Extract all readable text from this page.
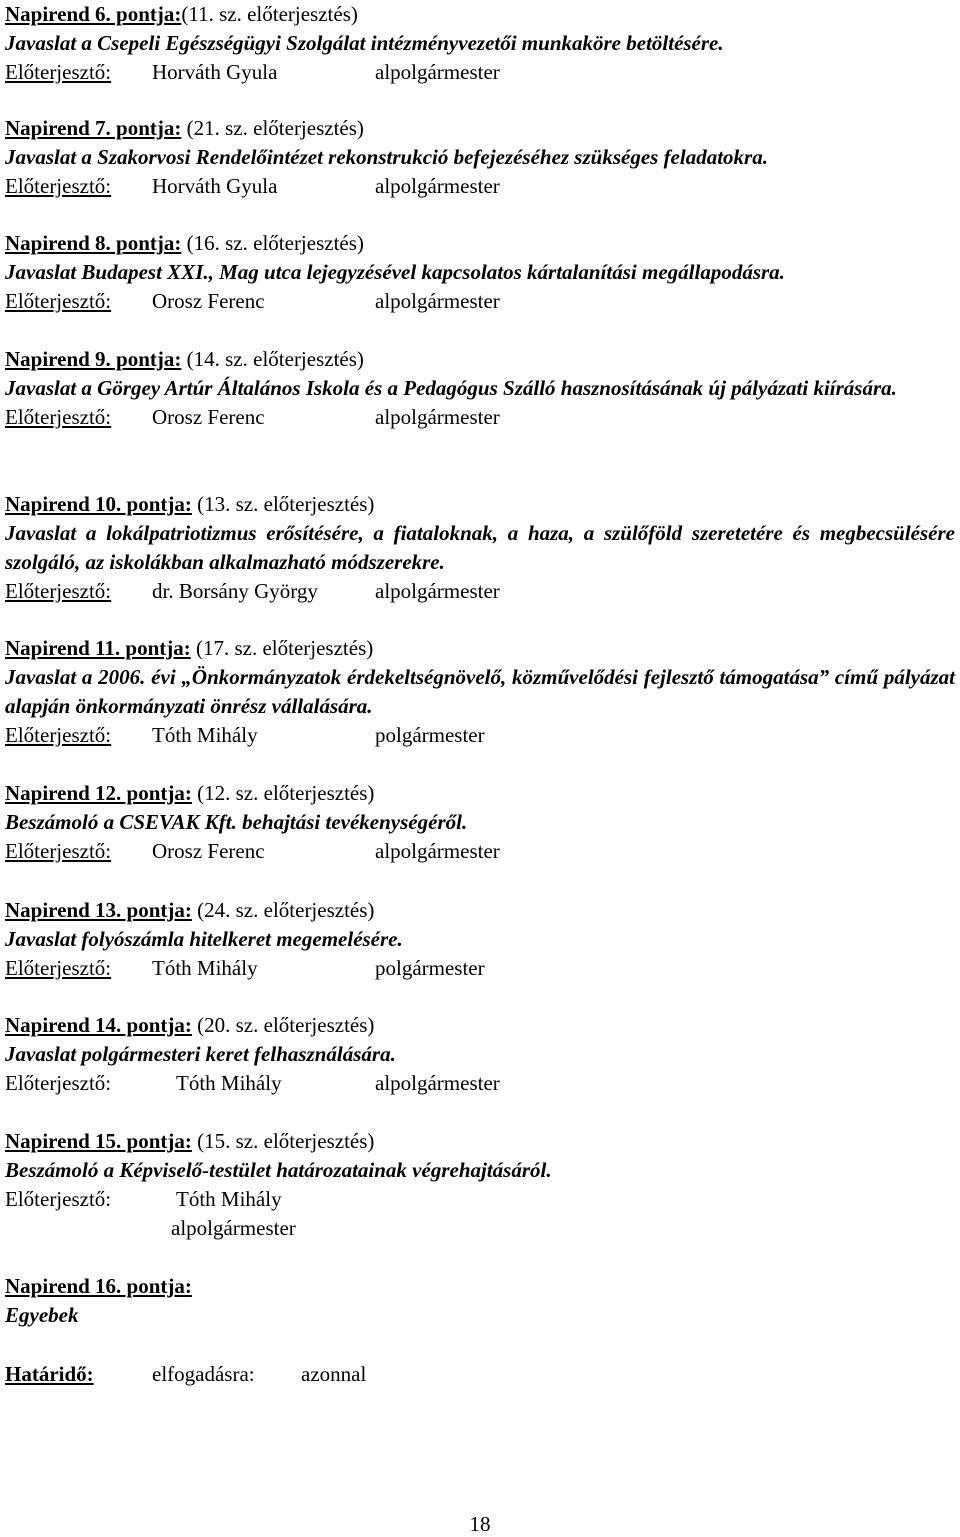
Napirend 6. pontja:(11. sz. előterjesztés)
Javaslat a Csepeli Egészségügyi Szolgálat intézményvezetői munkaköre betöltésére.
Előterjesztő: Horváth Gyula	alpolgármester
Napirend 7. pontja: (21. sz. előterjesztés)
Javaslat a Szakorvosi Rendelőintézet rekonstrukció befejezéséhez szükséges feladatokra.
Előterjesztő: Horváth Gyula	alpolgármester
Napirend 8. pontja: (16. sz. előterjesztés)
Javaslat Budapest XXI., Mag utca lejegyzésével kapcsolatos kártalanítási megállapodásra.
Előterjesztő: Orosz Ferenc	alpolgármester
Napirend 9. pontja: (14. sz. előterjesztés)
Javaslat a Görgey Artúr Általános Iskola és a Pedagógus Szálló hasznosításának új pályázati kiírására.
Előterjesztő: Orosz Ferenc	alpolgármester
Napirend 10. pontja: (13. sz. előterjesztés)
Javaslat a lokálpatriotizmus erősítésére, a fiataloknak, a haza, a szülőföld szeretetére és megbecsülésére szolgáló, az iskolákban alkalmazható módszerekre.
Előterjesztő: dr. Borsány György	alpolgármester
Napirend 11. pontja: (17. sz. előterjesztés)
Javaslat a 2006. évi „Önkormányzatok érdekeltségnövelő, közművelődési fejlesztő támogatása” című pályázat alapján önkormányzati önrész vállalására.
Előterjesztő: Tóth Mihály	polgármester
Napirend 12. pontja: (12. sz. előterjesztés)
Beszámoló a CSEVAK Kft. behajtási tevékenységéről.
Előterjesztő: Orosz Ferenc	alpolgármester
Napirend 13. pontja: (24. sz. előterjesztés)
Javaslat folyószámla hitelkeret megemelésére.
Előterjesztő: Tóth Mihály	polgármester
Napirend 14. pontja: (20. sz. előterjesztés)
Javaslat polgármesteri keret felhasználására.
Előterjesztő:	Tóth Mihály	alpolgármester
Napirend 15. pontja: (15. sz. előterjesztés)
Beszámoló a Képviselő-testület határozatainak végrehajtásáról.
Előterjesztő:	Tóth Mihály
alpolgármester
Napirend 16. pontja:
Egyebek
Határidő:	elfogadásra: azonnal
18
